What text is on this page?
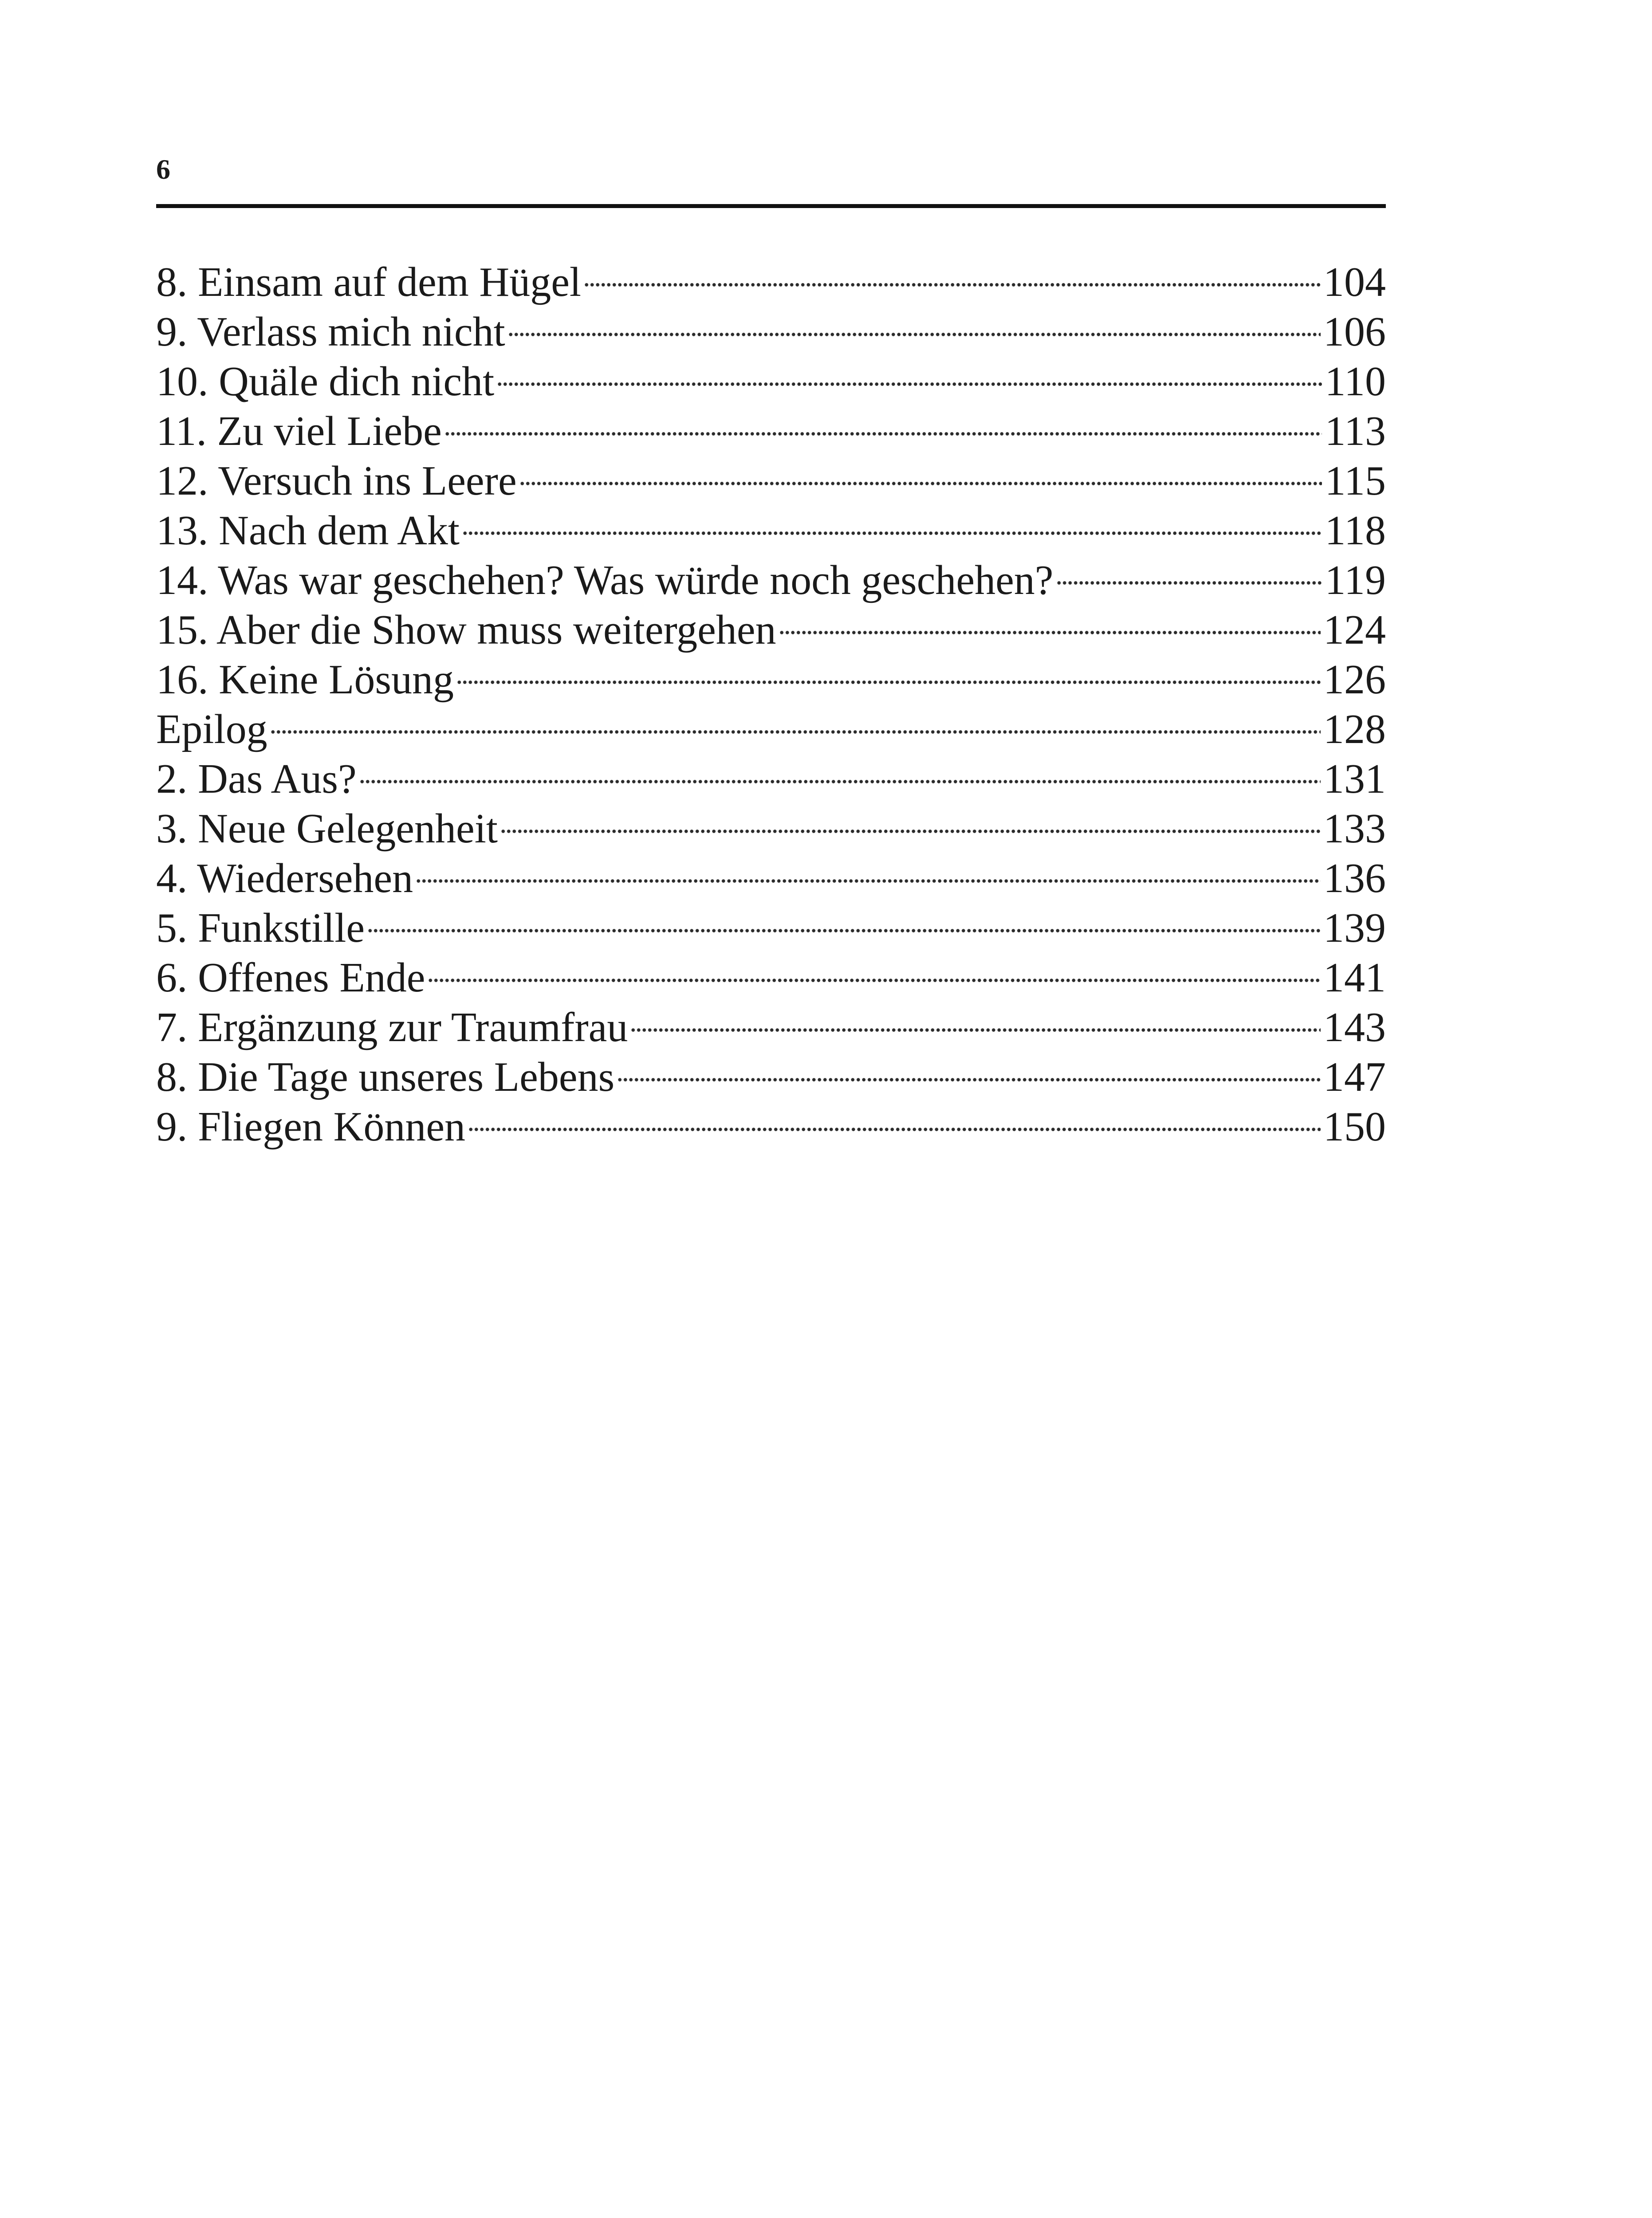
6
8. Einsam auf dem Hügel	104
9. Verlass mich nicht	106
10. Quäle dich nicht	110
11. Zu viel Liebe	113
12. Versuch ins Leere	115
13. Nach dem Akt	118
14. Was war geschehen? Was würde noch geschehen?	119
15. Aber die Show muss weitergehen	124
16. Keine Lösung	126
Epilog	128
2. Das Aus?	131
3. Neue Gelegenheit	133
4. Wiedersehen	136
5. Funkstille	139
6. Offenes Ende	141
7. Ergänzung zur Traumfrau	143
8. Die Tage unseres Lebens	147
9. Fliegen Können	150
